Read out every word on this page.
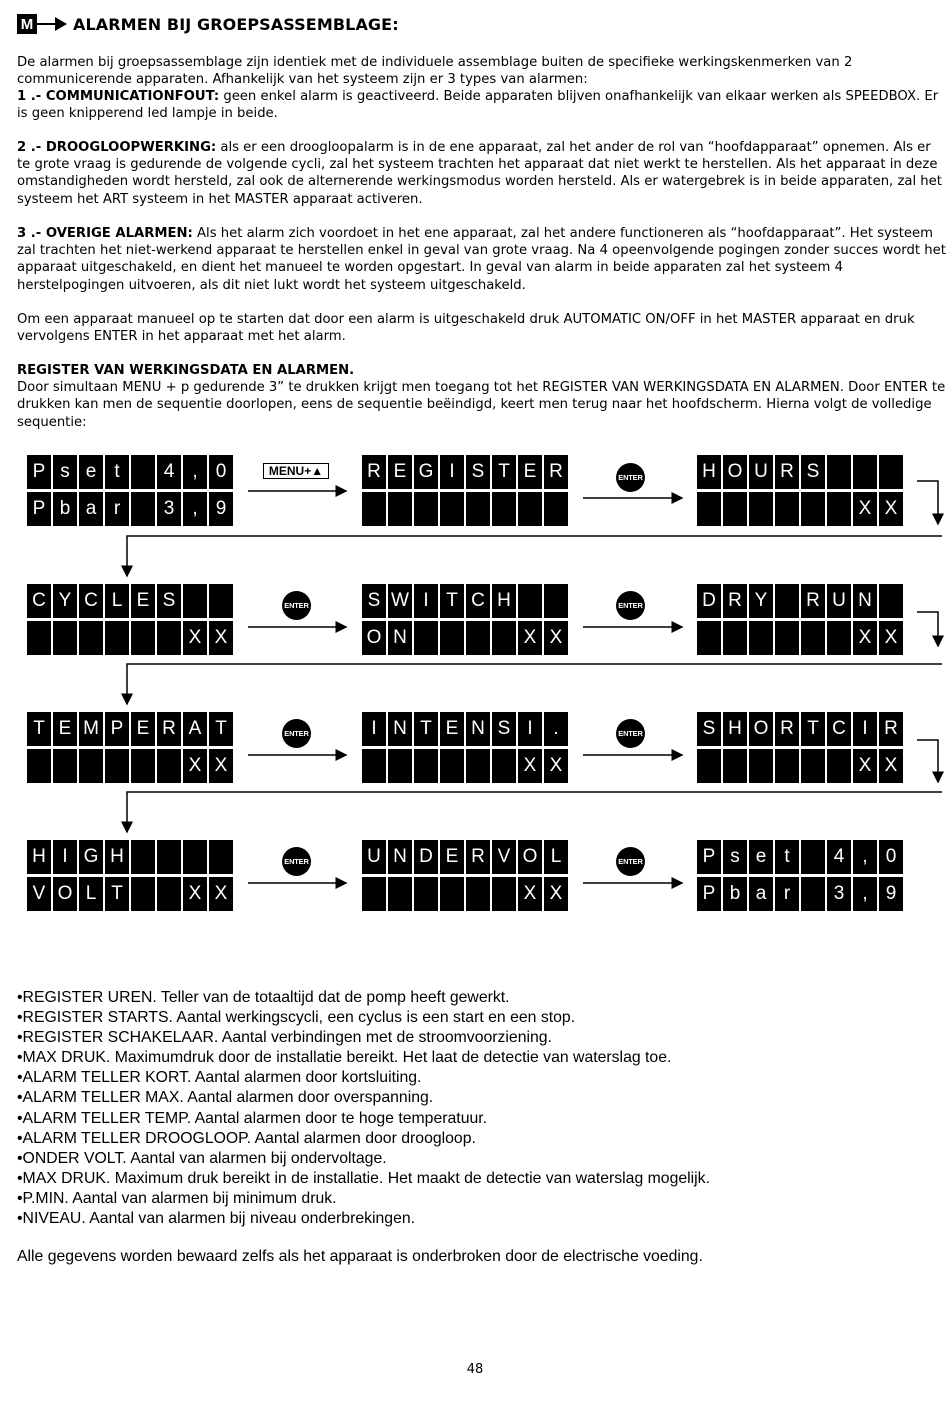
M ALARMEN BIJ GROEPSASSEMBLAGE:
De alarmen bij groepsassemblage zijn identiek met de individuele assemblage buiten de specifieke werkingskenmerken van 2 communicerende apparaten. Afhankelijk van het systeem zijn er 3 types van alarmen:
1 .- COMMUNICATIONFOUT: geen enkel alarm is geactiveerd. Beide apparaten blijven onafhankelijk van elkaar werken als SPEEDBOX. Er is geen knipperend led lampje in beide.
2 .- DROOGLOOPWERKING: als er een droogloopalarm is in de ene apparaat, zal het ander de rol van “hoofdapparaat” opnemen. Als er te grote vraag is gedurende de volgende cycli, zal het systeem trachten het apparaat dat niet werkt te herstellen. Als het apparaat in deze omstandigheden wordt hersteld, zal ook de alternerende werkingsmodus worden hersteld. Als er watergebrek is in beide apparaten, zal het systeem het ART systeem in het MASTER apparaat activeren.
3 .- OVERIGE ALARMEN: Als het alarm zich voordoet in het ene apparaat, zal het andere functioneren als “hoofdapparaat”. Het systeem zal trachten het niet-werkend apparaat te herstellen enkel in geval van grote vraag. Na 4 opeenvolgende pogingen zonder succes wordt het apparaat uitgeschakeld, en dient het manueel te worden opgestart. In geval van alarm in beide apparaten zal het systeem 4 herstelpogingen uitvoeren, als dit niet lukt wordt het systeem uitgeschakeld.
Om een apparaat manueel op te starten dat door een alarm is uitgeschakeld druk AUTOMATIC ON/OFF in het MASTER apparaat en druk vervolgens ENTER in het apparaat met het alarm.
REGISTER VAN WERKINGSDATA EN ALARMEN.
Door simultaan MENU + p gedurende 3” te drukken krijgt men toegang tot het REGISTER VAN WERKINGSDATA EN ALARMEN. Door ENTER te drukken kan men de sequentie doorlopen, eens de sequentie beëindigd, keert men terug naar het hoofdscherm. Hierna volgt de volledige sequentie:
P s e t	4 , 0
P b a r	3 , 9
R E G I S T E R	H O U R S
X X
C Y C L E S
X X
S W I T C H
O N	X X
D R Y	R U N
X X
T E M P E R A T
X X
I N T E N S I	.
X X
S H O R T C I R
X X
H I G H
V O L T	X X
U N D E R V O L
X X
P s e t	4 , 0
P b a r	3 , 9
MENU+▲	ENTER
ENTER	ENTER
ENTER	ENTER
ENTER	ENTER
•REGISTER UREN. Teller van de totaaltijd dat de pomp heeft gewerkt.
•REGISTER STARTS. Aantal werkingscycli, een cyclus is een start en een stop.
•REGISTER SCHAKELAAR. Aantal verbindingen met de stroomvoorziening.
•MAX DRUK. Maximumdruk door de installatie bereikt. Het laat de detectie van waterslag toe.
•ALARM TELLER KORT. Aantal alarmen door kortsluiting.
•ALARM TELLER MAX. Aantal alarmen door overspanning.
•ALARM TELLER TEMP. Aantal alarmen door te hoge temperatuur.
•ALARM TELLER DROOGLOOP. Aantal alarmen door droogloop.
•ONDER VOLT. Aantal van alarmen bij ondervoltage.
•MAX DRUK. Maximum druk bereikt in de installatie. Het maakt de detectie van waterslag mogelijk.
•P.MIN. Aantal van alarmen bij minimum druk.
•NIVEAU. Aantal van alarmen bij niveau onderbrekingen.
Alle gegevens worden bewaard zelfs als het apparaat is onderbroken door de electrische voeding.
48
